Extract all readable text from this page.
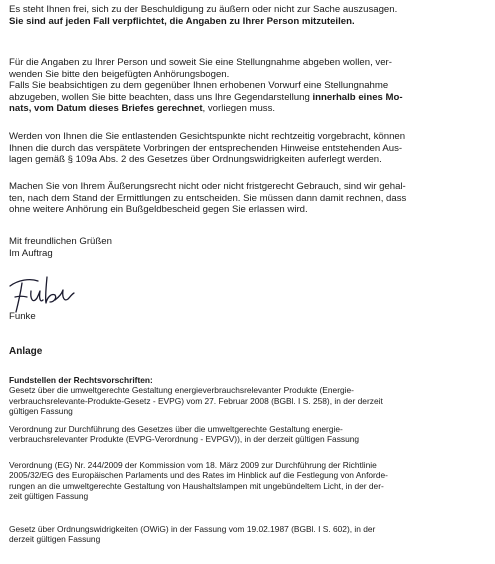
Es steht Ihnen frei, sich zu der Beschuldigung zu äußern oder nicht zur Sache auszusagen.
Sie sind auf jeden Fall verpflichtet, die Angaben zu Ihrer Person mitzuteilen.
Für die Angaben zu Ihrer Person und soweit Sie eine Stellungnahme abgeben wollen, ver-
wenden Sie bitte den beigefügten Anhörungsbogen.
Falls Sie beabsichtigen zu dem gegenüber Ihnen erhobenen Vorwurf eine Stellungnahme
abzugeben, wollen Sie bitte beachten, dass uns Ihre Gegendarstellung innerhalb eines Mo-
nats, vom Datum dieses Briefes gerechnet, vorliegen muss.
Werden von Ihnen die Sie entlastenden Gesichtspunkte nicht rechtzeitig vorgebracht, können
Ihnen die durch das verspätete Vorbringen der entsprechenden Hinweise entstehenden Aus-
lagen gemäß § 109a Abs. 2 des Gesetzes über Ordnungswidrigkeiten auferlegt werden.
Machen Sie von Ihrem Äußerungsrecht nicht oder nicht fristgerecht Gebrauch, sind wir gehal-
ten, nach dem Stand der Ermittlungen zu entscheiden. Sie müssen dann damit rechnen, dass
ohne weitere Anhörung ein Bußgeldbescheid gegen Sie erlassen wird.
Mit freundlichen Grüßen
Im Auftrag
Funke
Anlage
Fundstellen der Rechtsvorschriften:
Gesetz über die umweltgerechte Gestaltung energieverbrauchsrelevanter Produkte (Energie-
verbrauchsrelevante-Produkte-Gesetz - EVPG) vom 27. Februar 2008 (BGBl. I S. 258), in der derzeit
gültigen Fassung
Verordnung zur Durchführung des Gesetzes über die umweltgerechte Gestaltung energie-
verbrauchsrelevanter Produkte (EVPG-Verordnung - EVPGV)), in der derzeit gültigen Fassung
Verordnung (EG) Nr. 244/2009 der Kommission vom 18. März 2009 zur Durchführung der Richtlinie
2005/32/EG des Europäischen Parlaments und des Rates im Hinblick auf die Festlegung von Anforde-
rungen an die umweltgerechte Gestaltung von Haushaltslampen mit ungebündeltem Licht, in der der-
zeit gültigen Fassung
Gesetz über Ordnungswidrigkeiten (OWiG) in der Fassung vom 19.02.1987 (BGBl. I S. 602), in der
derzeit gültigen Fassung
